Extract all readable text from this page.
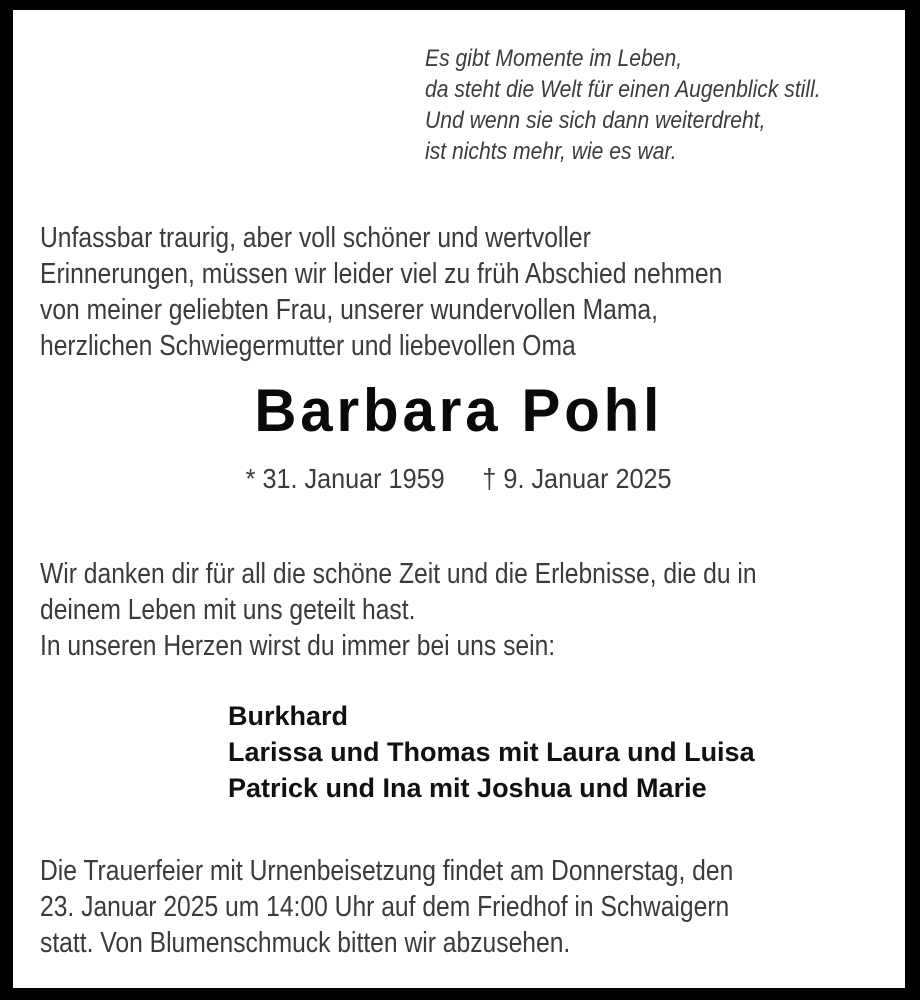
Es gibt Momente im Leben,
da steht die Welt für einen Augenblick still.
Und wenn sie sich dann weiterdreht,
ist nichts mehr, wie es war.
Unfassbar traurig, aber voll schöner und wertvoller
Erinnerungen, müssen wir leider viel zu früh Abschied nehmen
von meiner geliebten Frau, unserer wundervollen Mama,
herzlichen Schwiegermutter und liebevollen Oma
Barbara Pohl
* 31. Januar 1959 † 9. Januar 2025
Wir danken dir für all die schöne Zeit und die Erlebnisse, die du in
deinem Leben mit uns geteilt hast.
In unseren Herzen wirst du immer bei uns sein:
Burkhard
Larissa und Thomas mit Laura und Luisa
Patrick und Ina mit Joshua und Marie
Die Trauerfeier mit Urnenbeisetzung findet am Donnerstag, den
23. Januar 2025 um 14:00 Uhr auf dem Friedhof in Schwaigern
statt. Von Blumenschmuck bitten wir abzusehen.
